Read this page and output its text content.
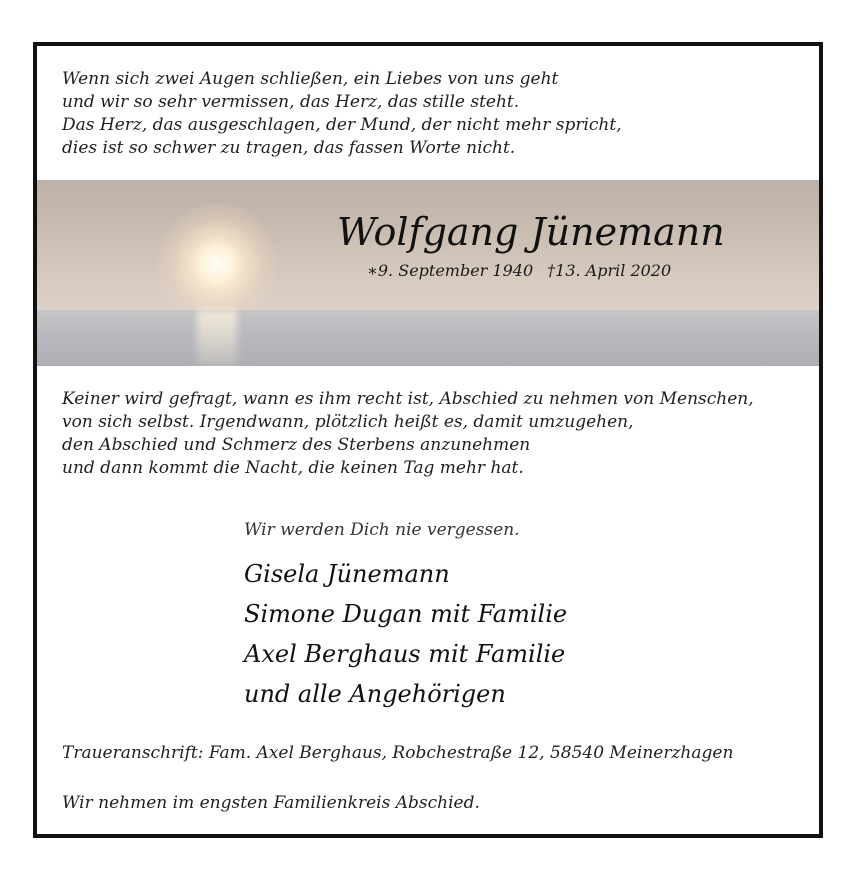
Wenn sich zwei Augen schließen, ein Liebes von uns geht
und wir so sehr vermissen, das Herz, das stille steht.
Das Herz, das ausgeschlagen, der Mund, der nicht mehr spricht,
dies ist so schwer zu tragen, das fassen Worte nicht.
Wolfgang Jünemann
∗9. September 1940 †13. April 2020
Keiner wird gefragt, wann es ihm recht ist, Abschied zu nehmen von Menschen,
von sich selbst. Irgendwann, plötzlich heißt es, damit umzugehen,
den Abschied und Schmerz des Sterbens anzunehmen
und dann kommt die Nacht, die keinen Tag mehr hat.
Wir werden Dich nie vergessen.
Gisela Jünemann
Simone Dugan mit Familie
Axel Berghaus mit Familie
und alle Angehörigen
Traueranschrift: Fam. Axel Berghaus, Robchestraße 12, 58540 Meinerzhagen
Wir nehmen im engsten Familienkreis Abschied.
